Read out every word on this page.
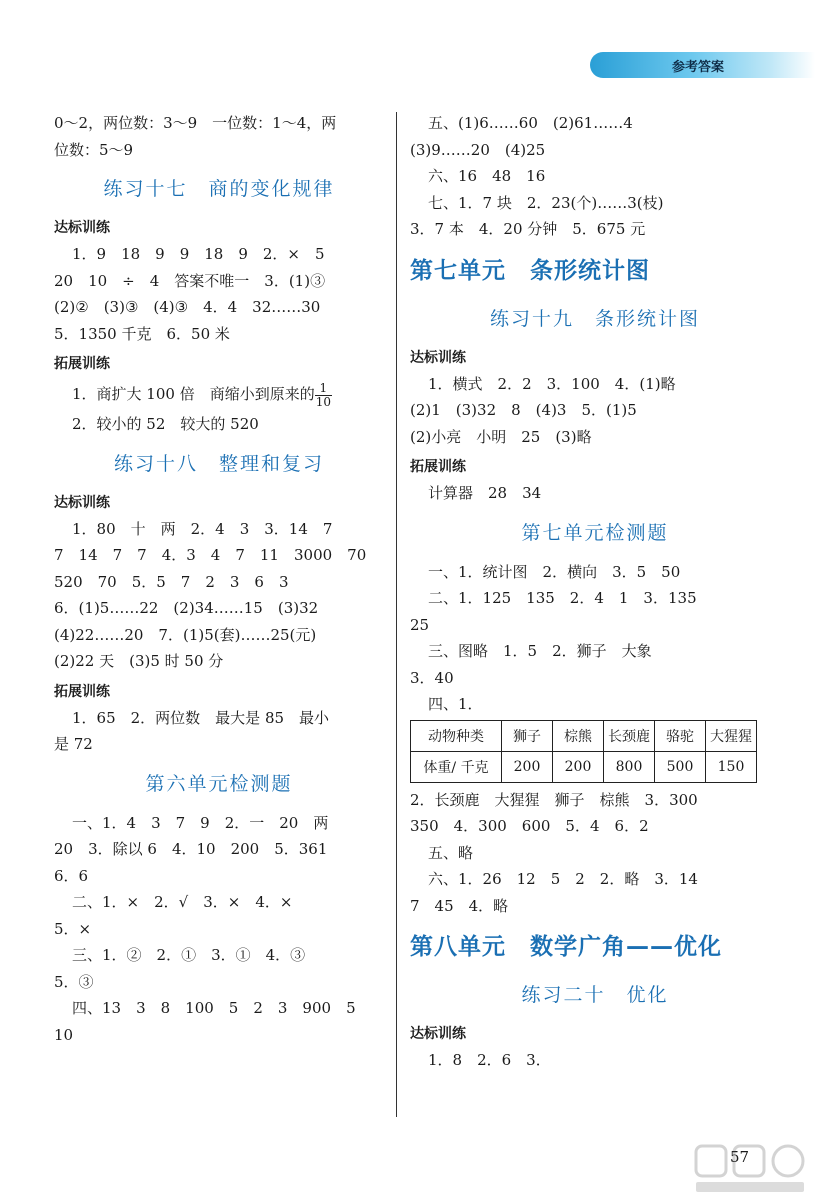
参考答案
0～2，两位数：3～9　一位数：1～4，两
位数：5～9
练习十七　商的变化规律
达标训练
1．9　18　9　9　18　9　2．×　5
20　10　÷　4　答案不唯一　3．(1)③
(2)②　(3)③　(4)③　4．4　32……30
5．1350 千克　6．50 米
拓展训练
1．商扩大 100 倍　商缩小到原来的 $\frac{1}{10}$
2．较小的 52　较大的 520
练习十八　整理和复习
达标训练
1．80　十　两　2．4　3　3．14　7
7　14　7　7　4．3　4　7　11　3000　70
520　70　5．5　7　2　3　6　3
6．(1)5……22　(2)34……15　(3)32
(4)22……20　7．(1)5(套)……25(元)
(2)22 天　(3)5 时 50 分
拓展训练
1．65　2．两位数　最大是 85　最小
是 72
第六单元检测题
一、1．4　3　7　9　2．一　20　两
20　3．除以 6　4．10　200　5．361
6．6
二、1．×　2．√　3．×　4．×
5．×
三、1．②　2．①　3．①　4．③
5．③
四、13　3　8　100　5　2　3　900　5
10
五、(1)6……60　(2)61……4
(3)9……20　(4)25
六、16　48　16
七、1．7 块　2．23(个)……3(枝)
3．7 本　4．20 分钟　5．675 元
第七单元　条形统计图
练习十九　条形统计图
达标训练
1．横式　2．2　3．100　4．(1)略
(2)1　(3)32　8　(4)3　5．(1)5
(2)小亮　小明　25　(3)略
拓展训练
计算器　28　34
第七单元检测题
一、1．统计图　2．横向　3．5　50
二、1．125　135　2．4　1　3．135
25
三、图略　1．5　2．狮子　大象
3．40
四、1．
动物种类	狮子	棕熊	长颈鹿	骆驼	大猩猩
体重/ 千克	200	200	800	500	150
2．长颈鹿　大猩猩　狮子　棕熊　3．300
350　4．300　600　5．4　6．2
五、略
六、1．26　12　5　2　2．略　3．14
7　45　4．略
第八单元　数学广角——优化
练习二十　优化
达标训练
1．8　2．6　3．
57
